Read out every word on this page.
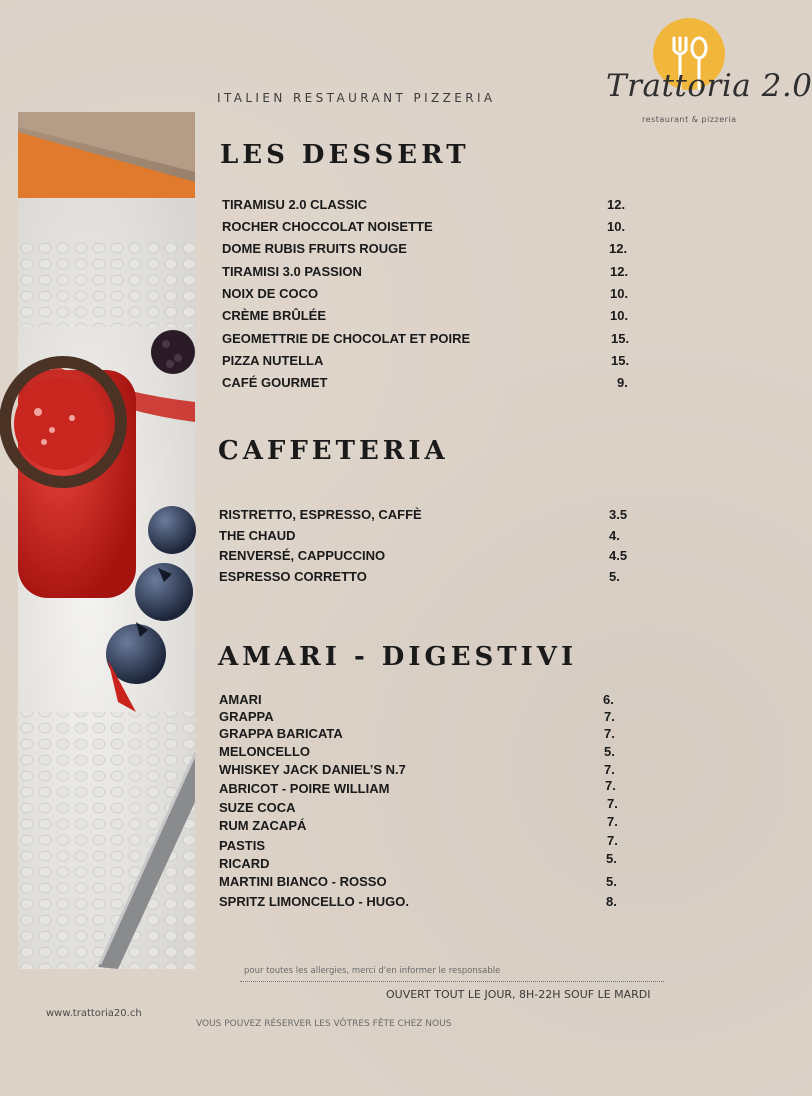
ITALIEN RESTAURANT PIZZERIA	Trattoria 2.0
restaurant & pizzeria
LES DESSERT
TIRAMISU 2.0 CLASSIC	12.
ROCHER CHOCCOLAT NOISETTE	10.
DOME RUBIS FRUITS ROUGE	12.
TIRAMISI 3.0 PASSION	12.
NOIX DE COCO	10.
CRÈME BRÛLÉE	10.
GEOMETTRIE DE CHOCOLAT ET POIRE	15.
PIZZA NUTELLA	15.
CAFÉ GOURMET	9.
CAFFETERIA
RISTRETTO, ESPRESSO, CAFFÈ	3.5
THE CHAUD	4.
RENVERSÉ, CAPPUCCINO	4.5
ESPRESSO CORRETTO	5.
AMARI - DIGESTIVI
AMARI	6.
GRAPPA	7.
GRAPPA BARICATA	7.
MELONCELLO	5.
WHISKEY JACK DANIEL’S N.7	7.
ABRICOT - POIRE WILLIAM	7.
SUZE COCA	7.
RUM ZACAPÁ	7.
PASTIS	7.
RICARD	5.
MARTINI BIANCO - ROSSO	5.
SPRITZ LIMONCELLO - HUGO.	8.
pour toutes les allergies, merci d'en informer le responsable
OUVERT TOUT LE JOUR, 8H-22H SOUF LE MARDI
www.trattoria20.ch
VOUS POUVEZ RÉSERVER LES VÔTRES FÊTE CHEZ NOUS
